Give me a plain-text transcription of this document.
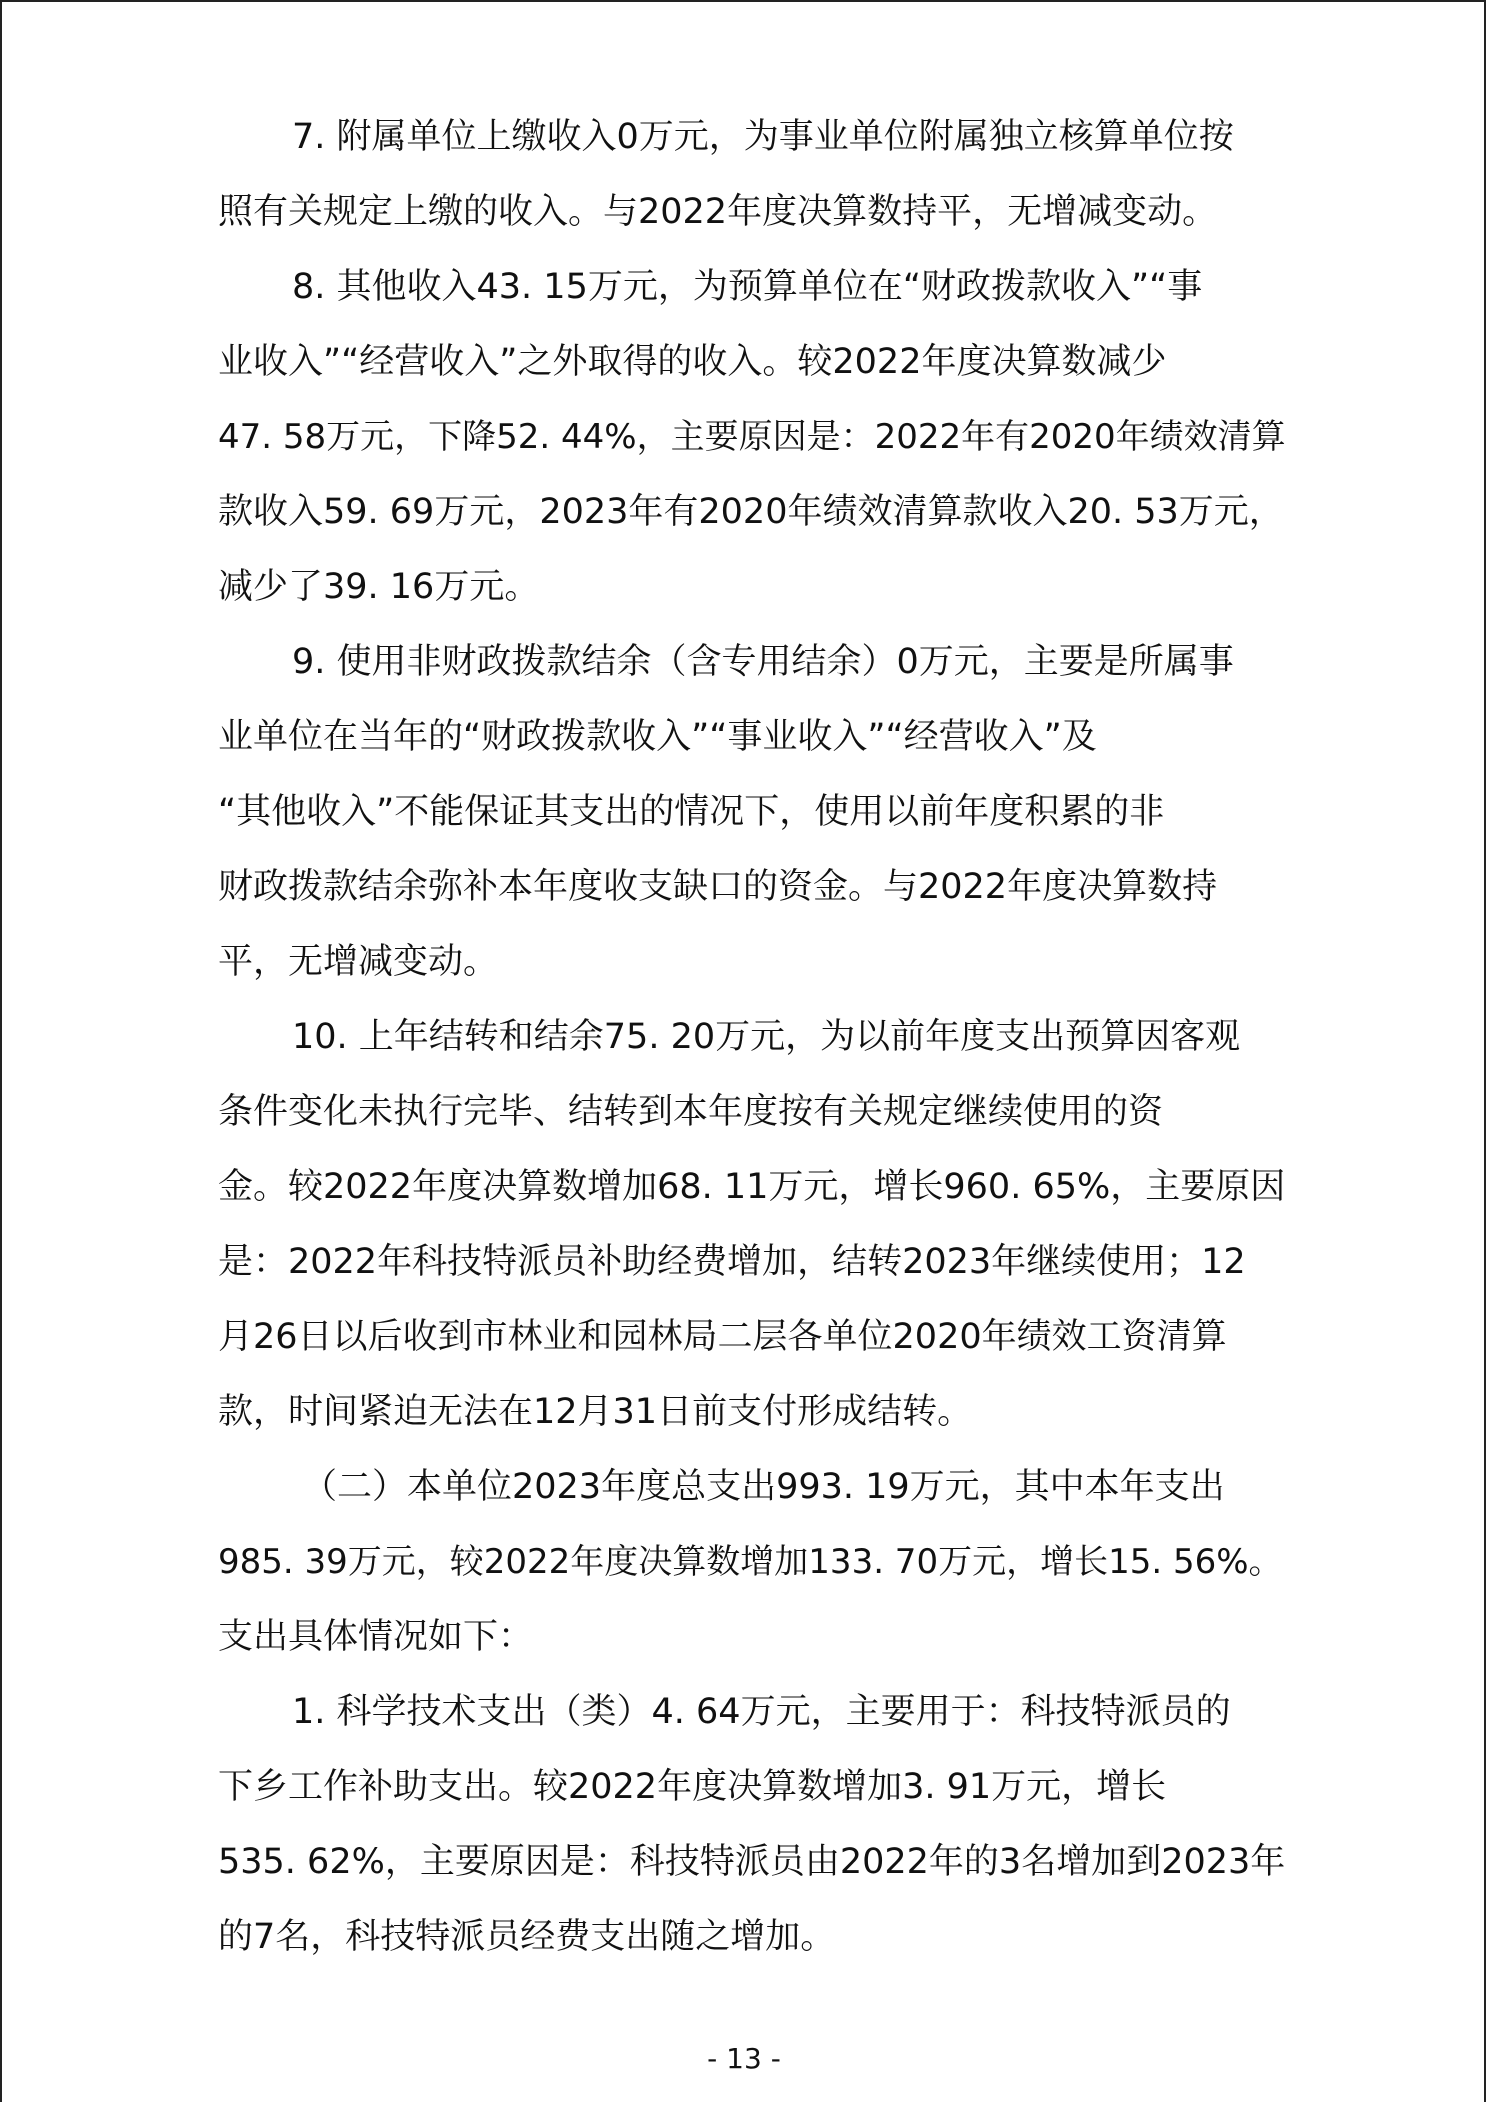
7. 附属单位上缴收入0万元，为事业单位附属独立核算单位按
照有关规定上缴的收入。与2022年度决算数持平，无增减变动。
8. 其他收入43. 15万元，为预算单位在“财政拨款收入”“事
业收入”“经营收入”之外取得的收入。较2022年度决算数减少
47. 58万元，下降52. 44%，主要原因是：2022年有2020年绩效清算
款收入59. 69万元，2023年有2020年绩效清算款收入20. 53万元，
减少了39. 16万元。
9. 使用非财政拨款结余（含专用结余）0万元，主要是所属事
业单位在当年的“财政拨款收入”“事业收入”“经营收入”及
“其他收入”不能保证其支出的情况下，使用以前年度积累的非
财政拨款结余弥补本年度收支缺口的资金。与2022年度决算数持
平，无增减变动。
10. 上年结转和结余75. 20万元，为以前年度支出预算因客观
条件变化未执行完毕、结转到本年度按有关规定继续使用的资
金。较2022年度决算数增加68. 11万元，增长960. 65%，主要原因
是：2022年科技特派员补助经费增加，结转2023年继续使用；12
月26日以后收到市林业和园林局二层各单位2020年绩效工资清算
款，时间紧迫无法在12月31日前支付形成结转。
（二）本单位2023年度总支出993. 19万元，其中本年支出
985. 39万元，较2022年度决算数增加133. 70万元，增长15. 56%。
支出具体情况如下：
1. 科学技术支出（类）4. 64万元，主要用于：科技特派员的
下乡工作补助支出。较2022年度决算数增加3. 91万元，增长
535. 62%，主要原因是：科技特派员由2022年的3名增加到2023年
的7名，科技特派员经费支出随之增加。
- 13 -
